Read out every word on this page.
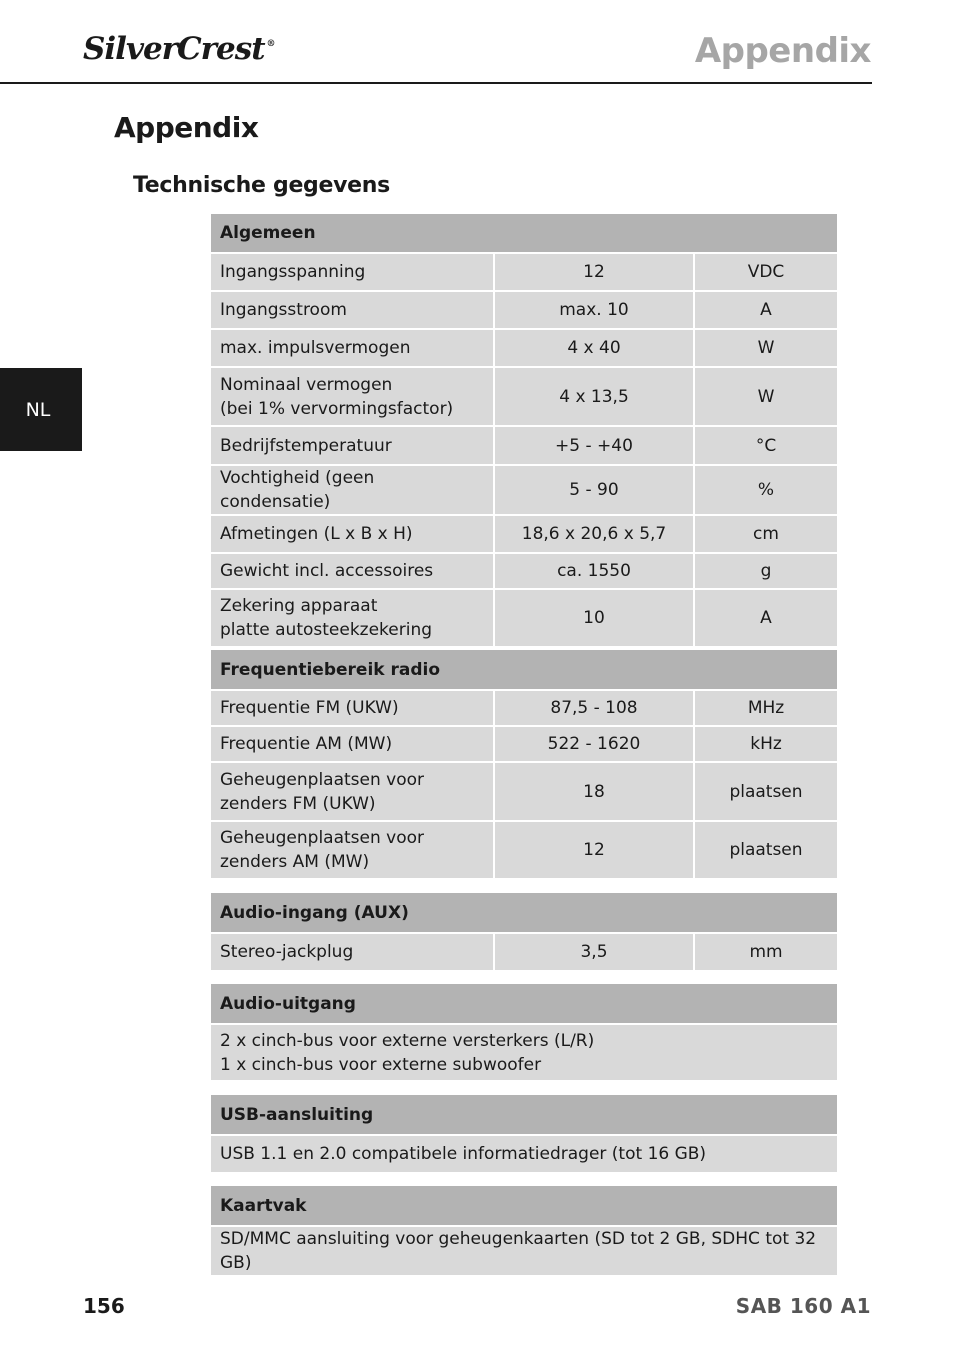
SilverCrest ®	Appendix
Appendix
Technische gegevens
NL
Algemeen		
Ingangsspanning	12	VDC
Ingangsstroom	max. 10	A
max. impulsvermogen	4 x 40	W
Nominaal vermogen
(bei 1% vervormingsfactor)	4 x 13,5	W
Bedrijfstemperatuur	+5 - +40	°C
Vochtigheid (geen condensatie)	5 - 90	%
Afmetingen (L x B x H)	18,6 x 20,6 x 5,7	cm
Gewicht incl. accessoires	ca. 1550	g
Zekering apparaat
platte autosteekzekering	10	A
Frequentiebereik radio		
Frequentie FM (UKW)	87,5 - 108	MHz
Frequentie AM (MW)	522 - 1620	kHz
Geheugenplaatsen voor
zenders FM (UKW)	18	plaatsen
Geheugenplaatsen voor
zenders AM (MW)	12	plaatsen
Audio-ingang (AUX)
Stereo-jackplug	3,5	mm
Audio-uitgang
2 x cinch-bus voor externe versterkers (L/R)
1 x cinch-bus voor externe subwoofer
USB-aansluiting
USB 1.1 en 2.0 compatibele informatiedrager (tot 16 GB)
Kaartvak
SD/MMC aansluiting voor geheugenkaarten (SD tot 2 GB, SDHC tot 32 GB)
156	SAB 160 A1
